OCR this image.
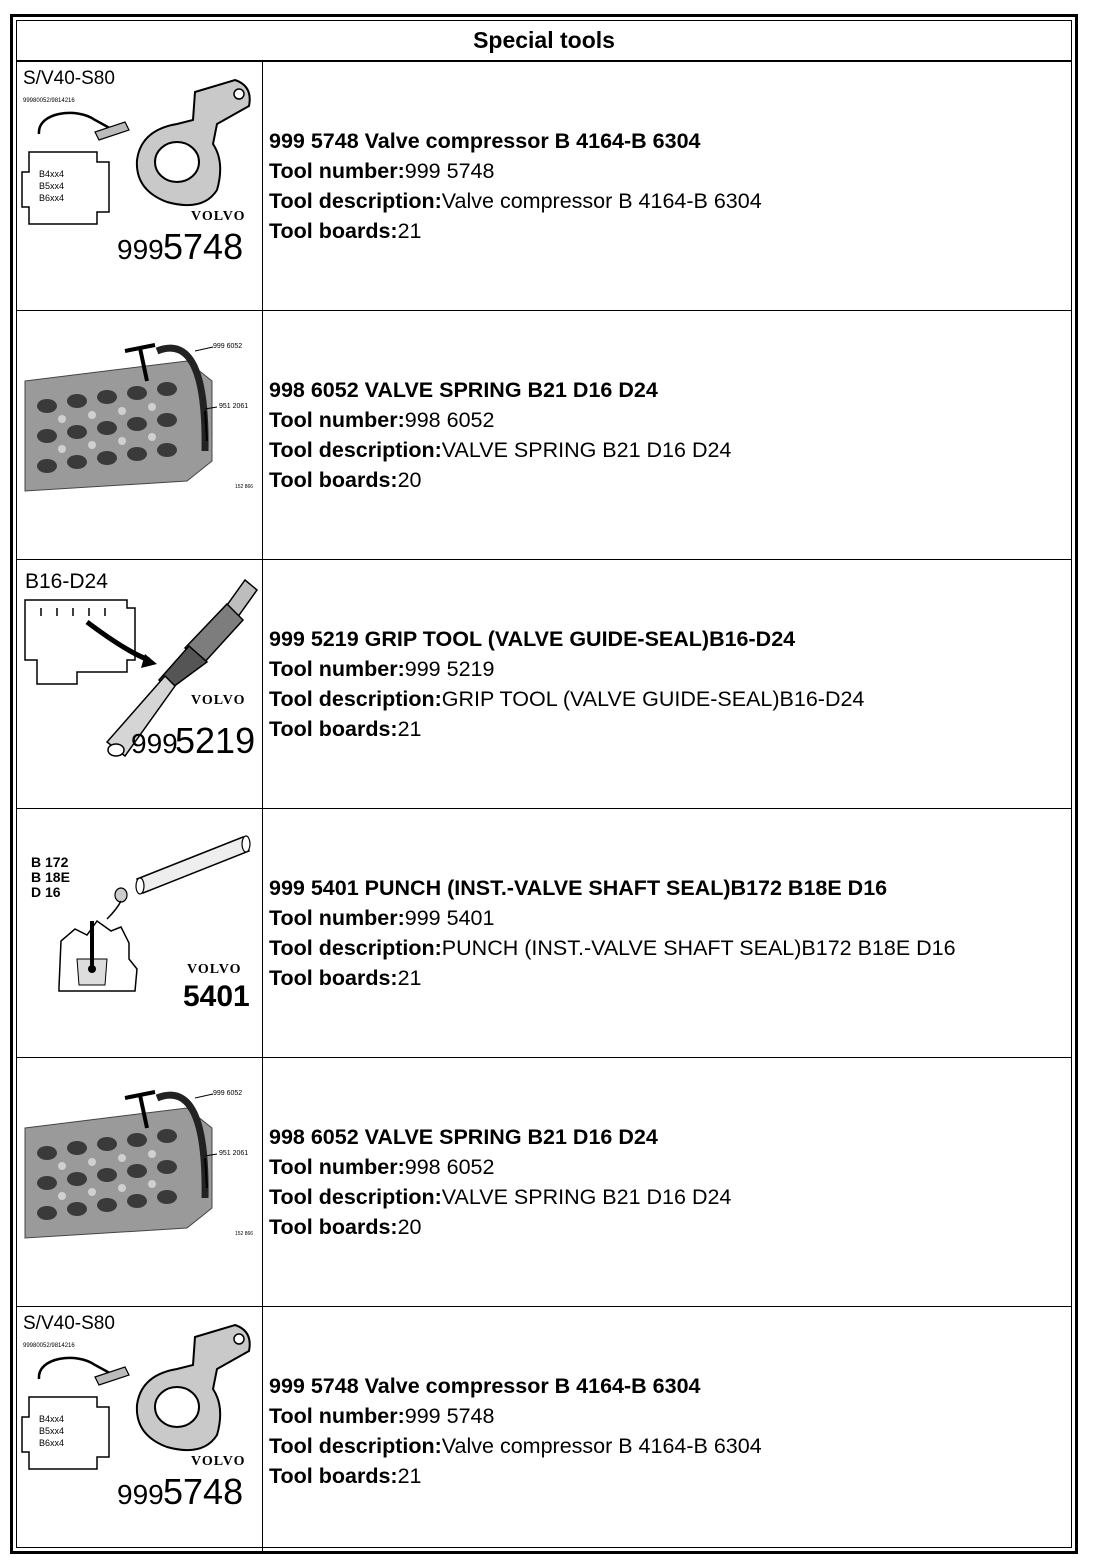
Special tools
S/V40-S80
99980052/9814216
B4xx4
B5xx4
B6xx4
VOLVO
999 5748
999 5748 Valve compressor B 4164-B 6304
Tool number:999 5748
Tool description:Valve compressor B 4164-B 6304
Tool boards:21
999 6052
951 2061
152 866
998 6052 VALVE SPRING B21 D16 D24
Tool number:998 6052
Tool description:VALVE SPRING B21 D16 D24
Tool boards:20
B16-D24
VOLVO
999
5219
999 5219 GRIP TOOL (VALVE GUIDE-SEAL)B16-D24
Tool number:999 5219
Tool description:GRIP TOOL (VALVE GUIDE-SEAL)B16-D24
Tool boards:21
B 172
B 18E
D 16
VOLVO
5401
999 5401 PUNCH (INST.-VALVE SHAFT SEAL)B172 B18E D16
Tool number:999 5401
Tool description:PUNCH (INST.-VALVE SHAFT SEAL)B172 B18E D16
Tool boards:21
999 6052
951 2061
152 866
998 6052 VALVE SPRING B21 D16 D24
Tool number:998 6052
Tool description:VALVE SPRING B21 D16 D24
Tool boards:20
S/V40-S80
99980052/9814216
B4xx4
B5xx4
B6xx4
VOLVO
999 5748
999 5748 Valve compressor B 4164-B 6304
Tool number:999 5748
Tool description:Valve compressor B 4164-B 6304
Tool boards:21
